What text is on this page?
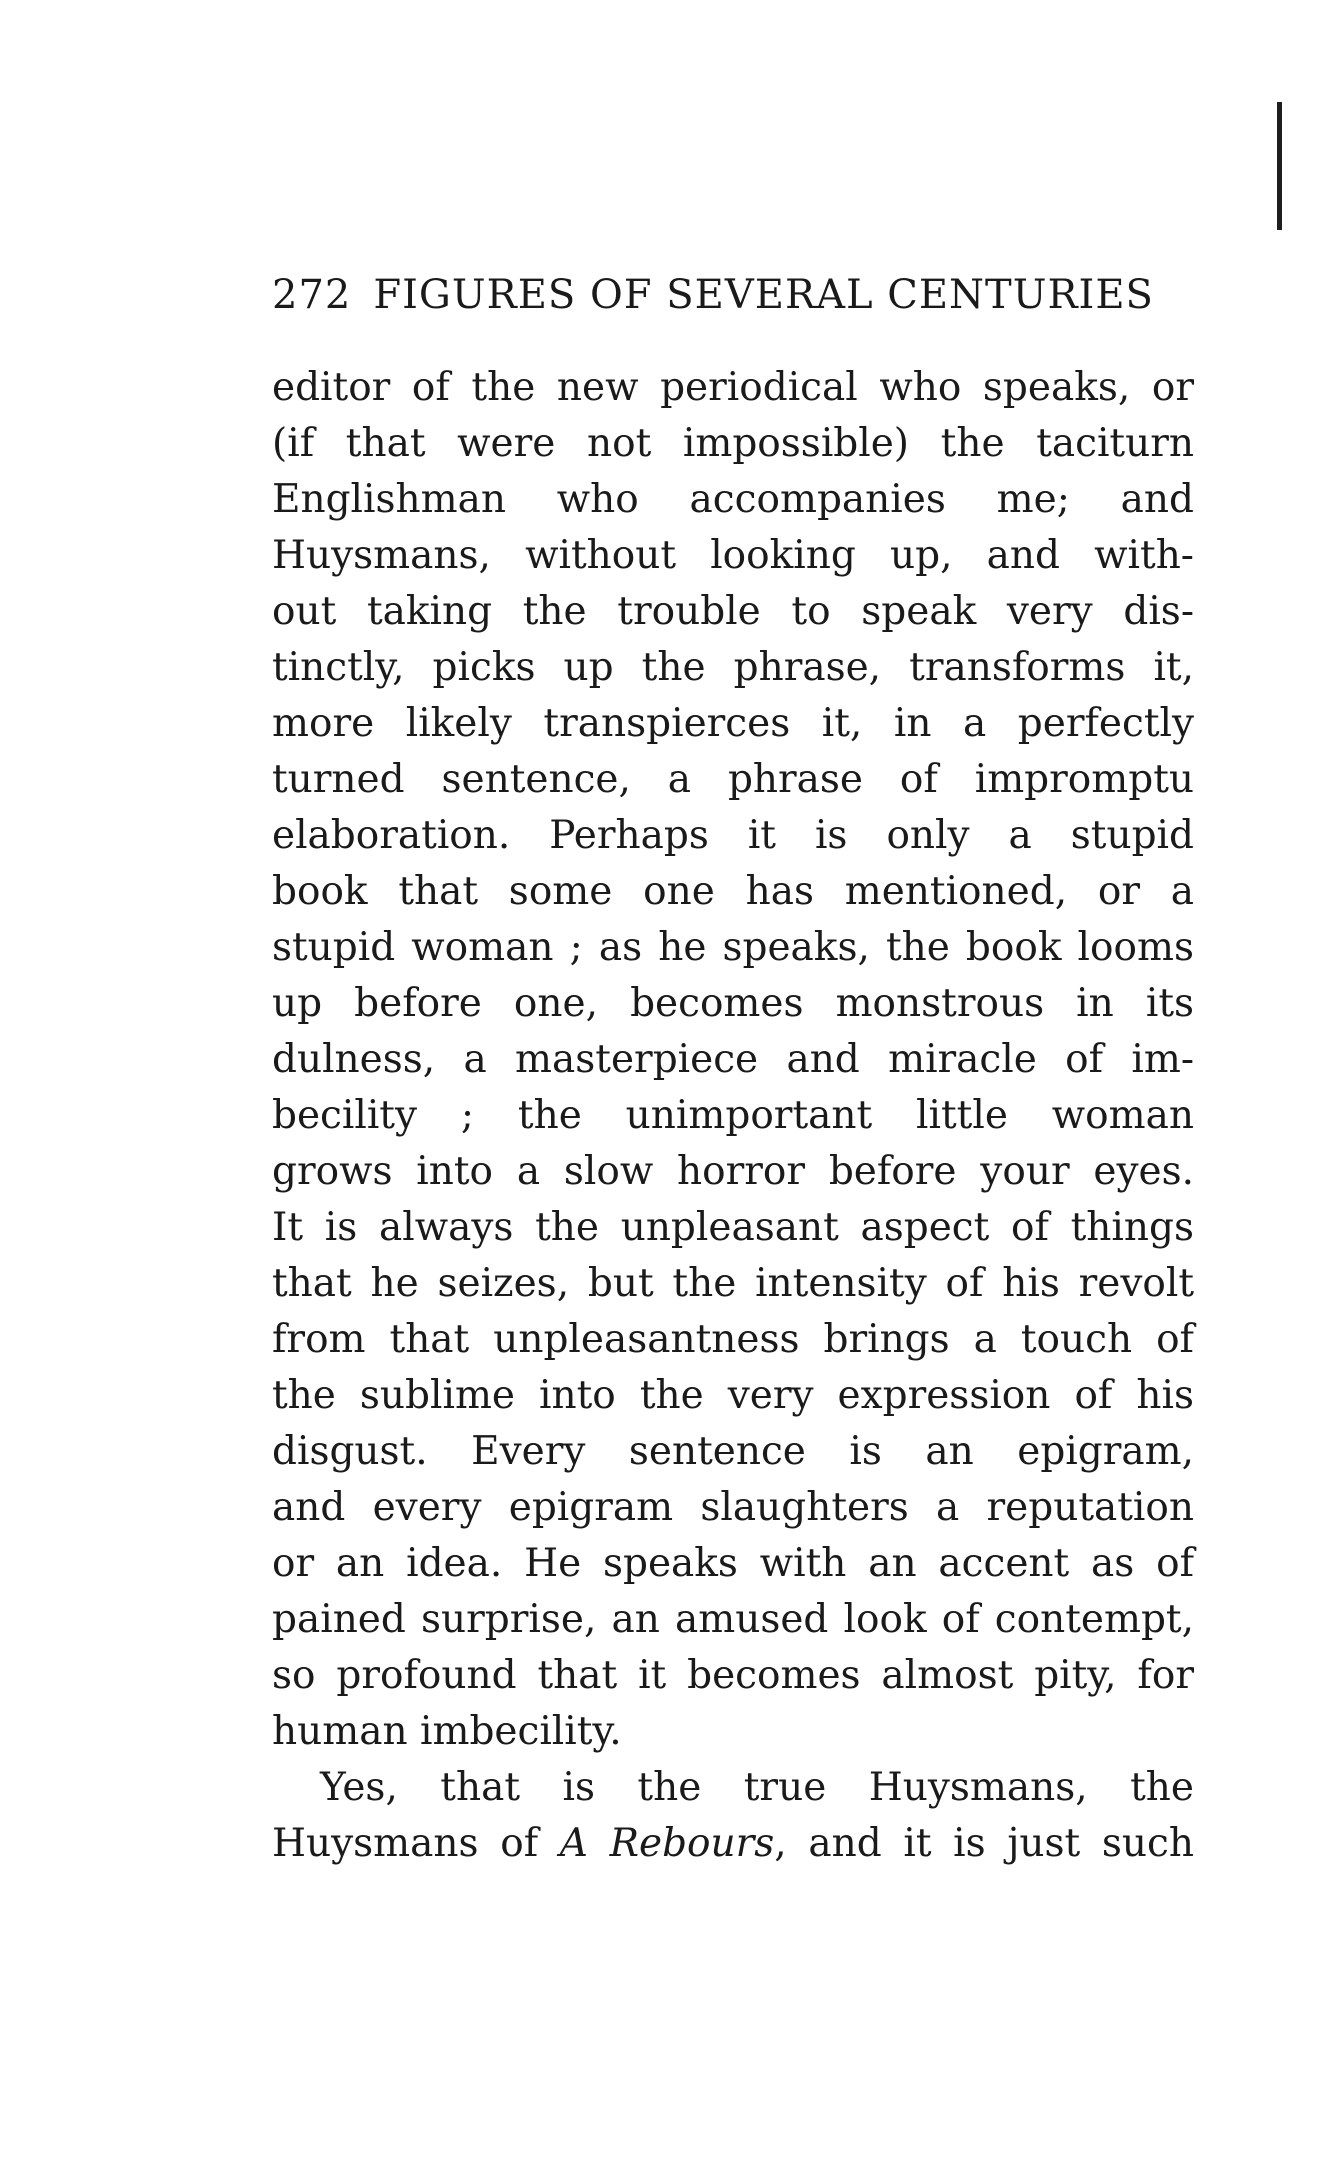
272 FIGURES OF SEVERAL CENTURIES
editor of the new periodical who speaks, or
(if that were not impossible) the taciturn
Englishman who accompanies me; and
Huysmans, without looking up, and with-
out taking the trouble to speak very dis-
tinctly, picks up the phrase, transforms it,
more likely transpierces it, in a perfectly
turned sentence, a phrase of impromptu
elaboration. Perhaps it is only a stupid
book that some one has mentioned, or a
stupid woman ; as he speaks, the book looms
up before one, becomes monstrous in its
dulness, a masterpiece and miracle of im-
becility ; the unimportant little woman
grows into a slow horror before your eyes.
It is always the unpleasant aspect of things
that he seizes, but the intensity of his revolt
from that unpleasantness brings a touch of
the sublime into the very expression of his
disgust. Every sentence is an epigram,
and every epigram slaughters a reputation
or an idea. He speaks with an accent as of
pained surprise, an amused look of contempt,
so profound that it becomes almost pity, for
human imbecility.
Yes, that is the true Huysmans, the
Huysmans of A Rebours, and it is just such
